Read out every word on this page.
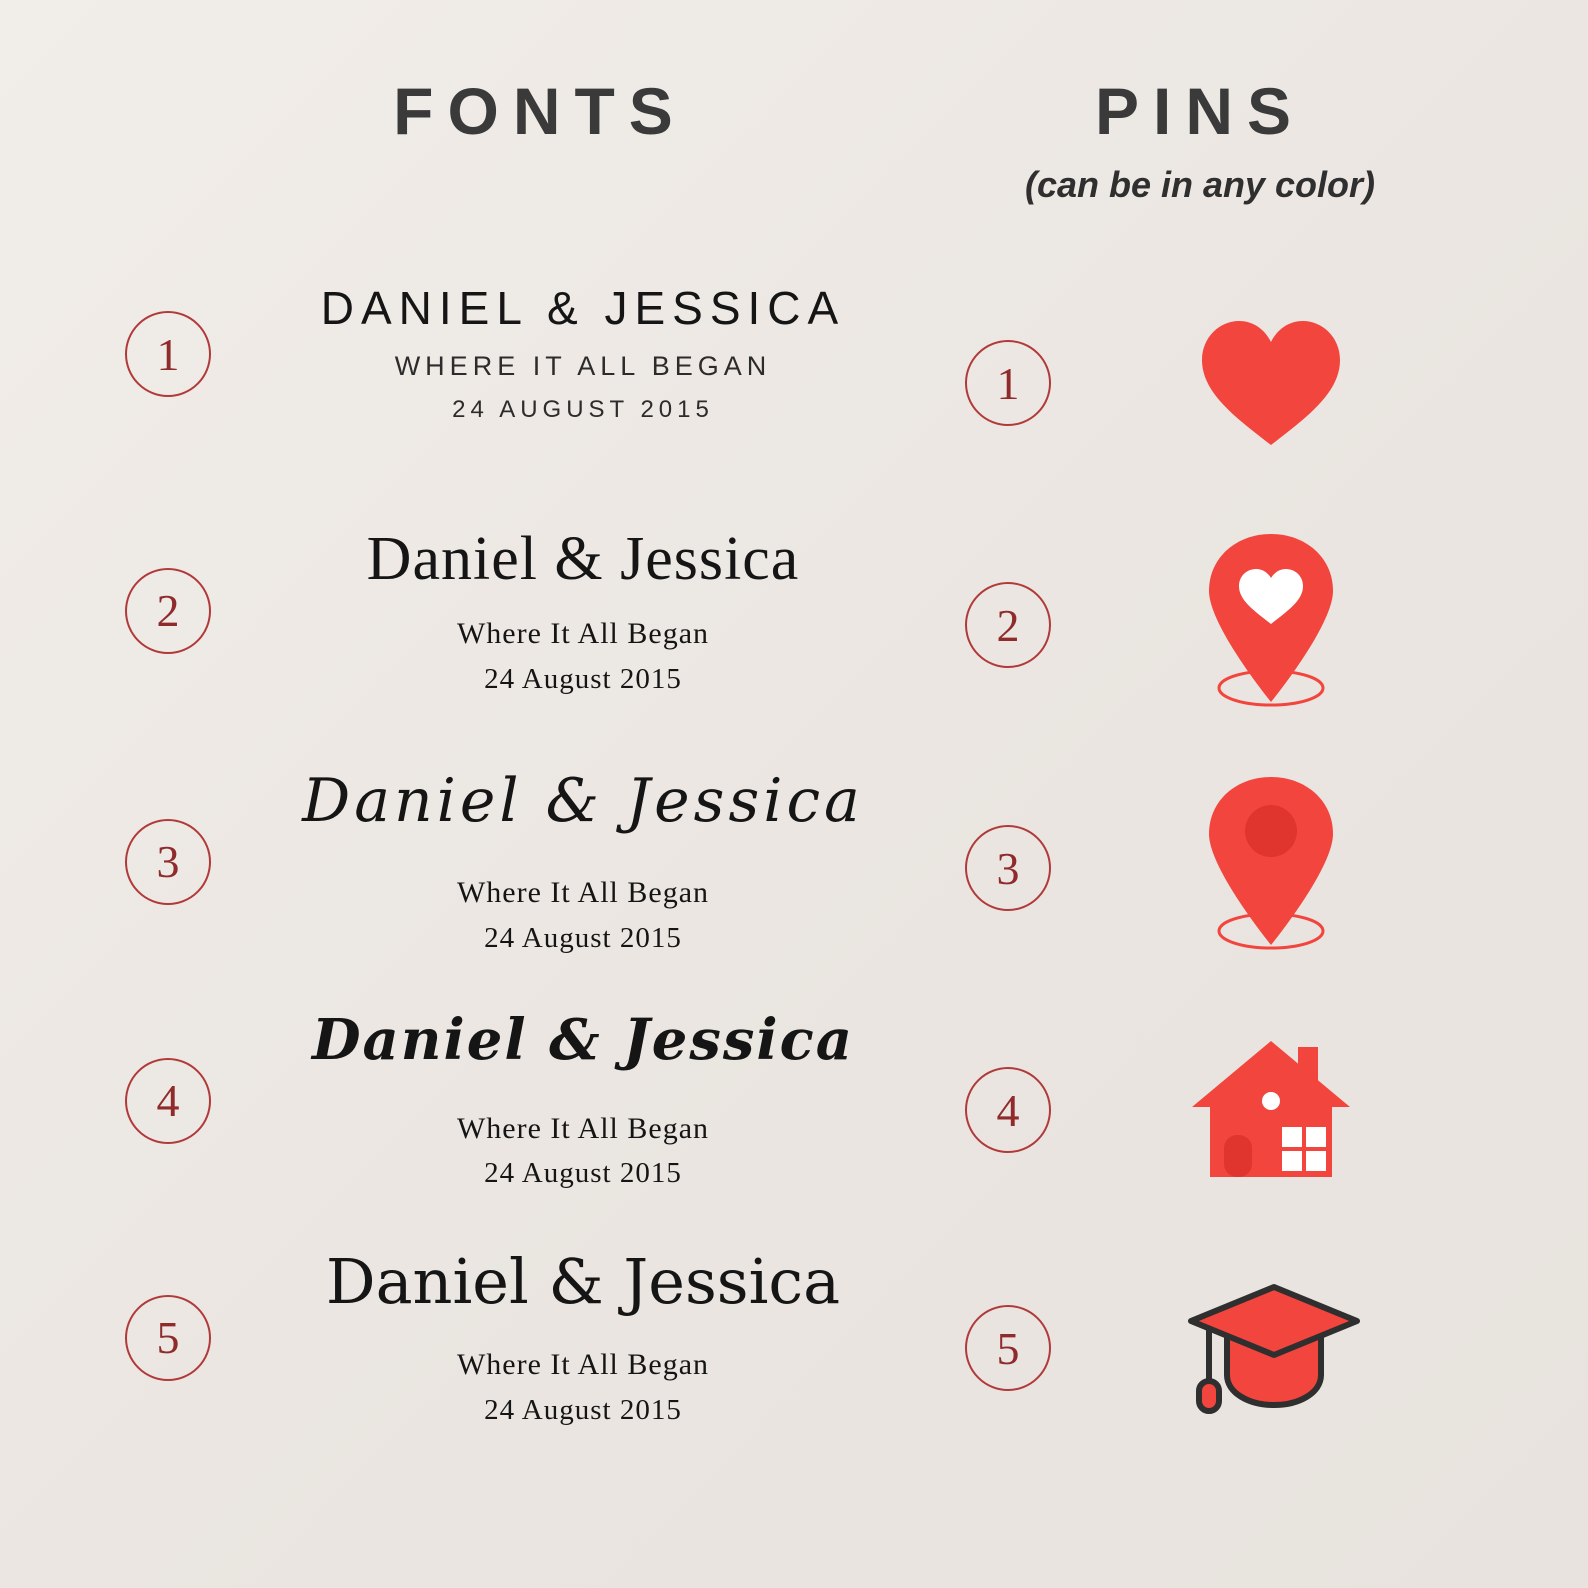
FONTS	PINS
(can be in any color)
1
DANIEL & JESSICA
WHERE IT ALL BEGAN
24 AUGUST 2015
2
Daniel & Jessica
Where It All Began
24 August 2015
3
Daniel & Jessica
Where It All Began
24 August 2015
4
Daniel & Jessica
Where It All Began
24 August 2015
5
Daniel & Jessica
Where It All Began
24 August 2015
1
2
3
4
5
